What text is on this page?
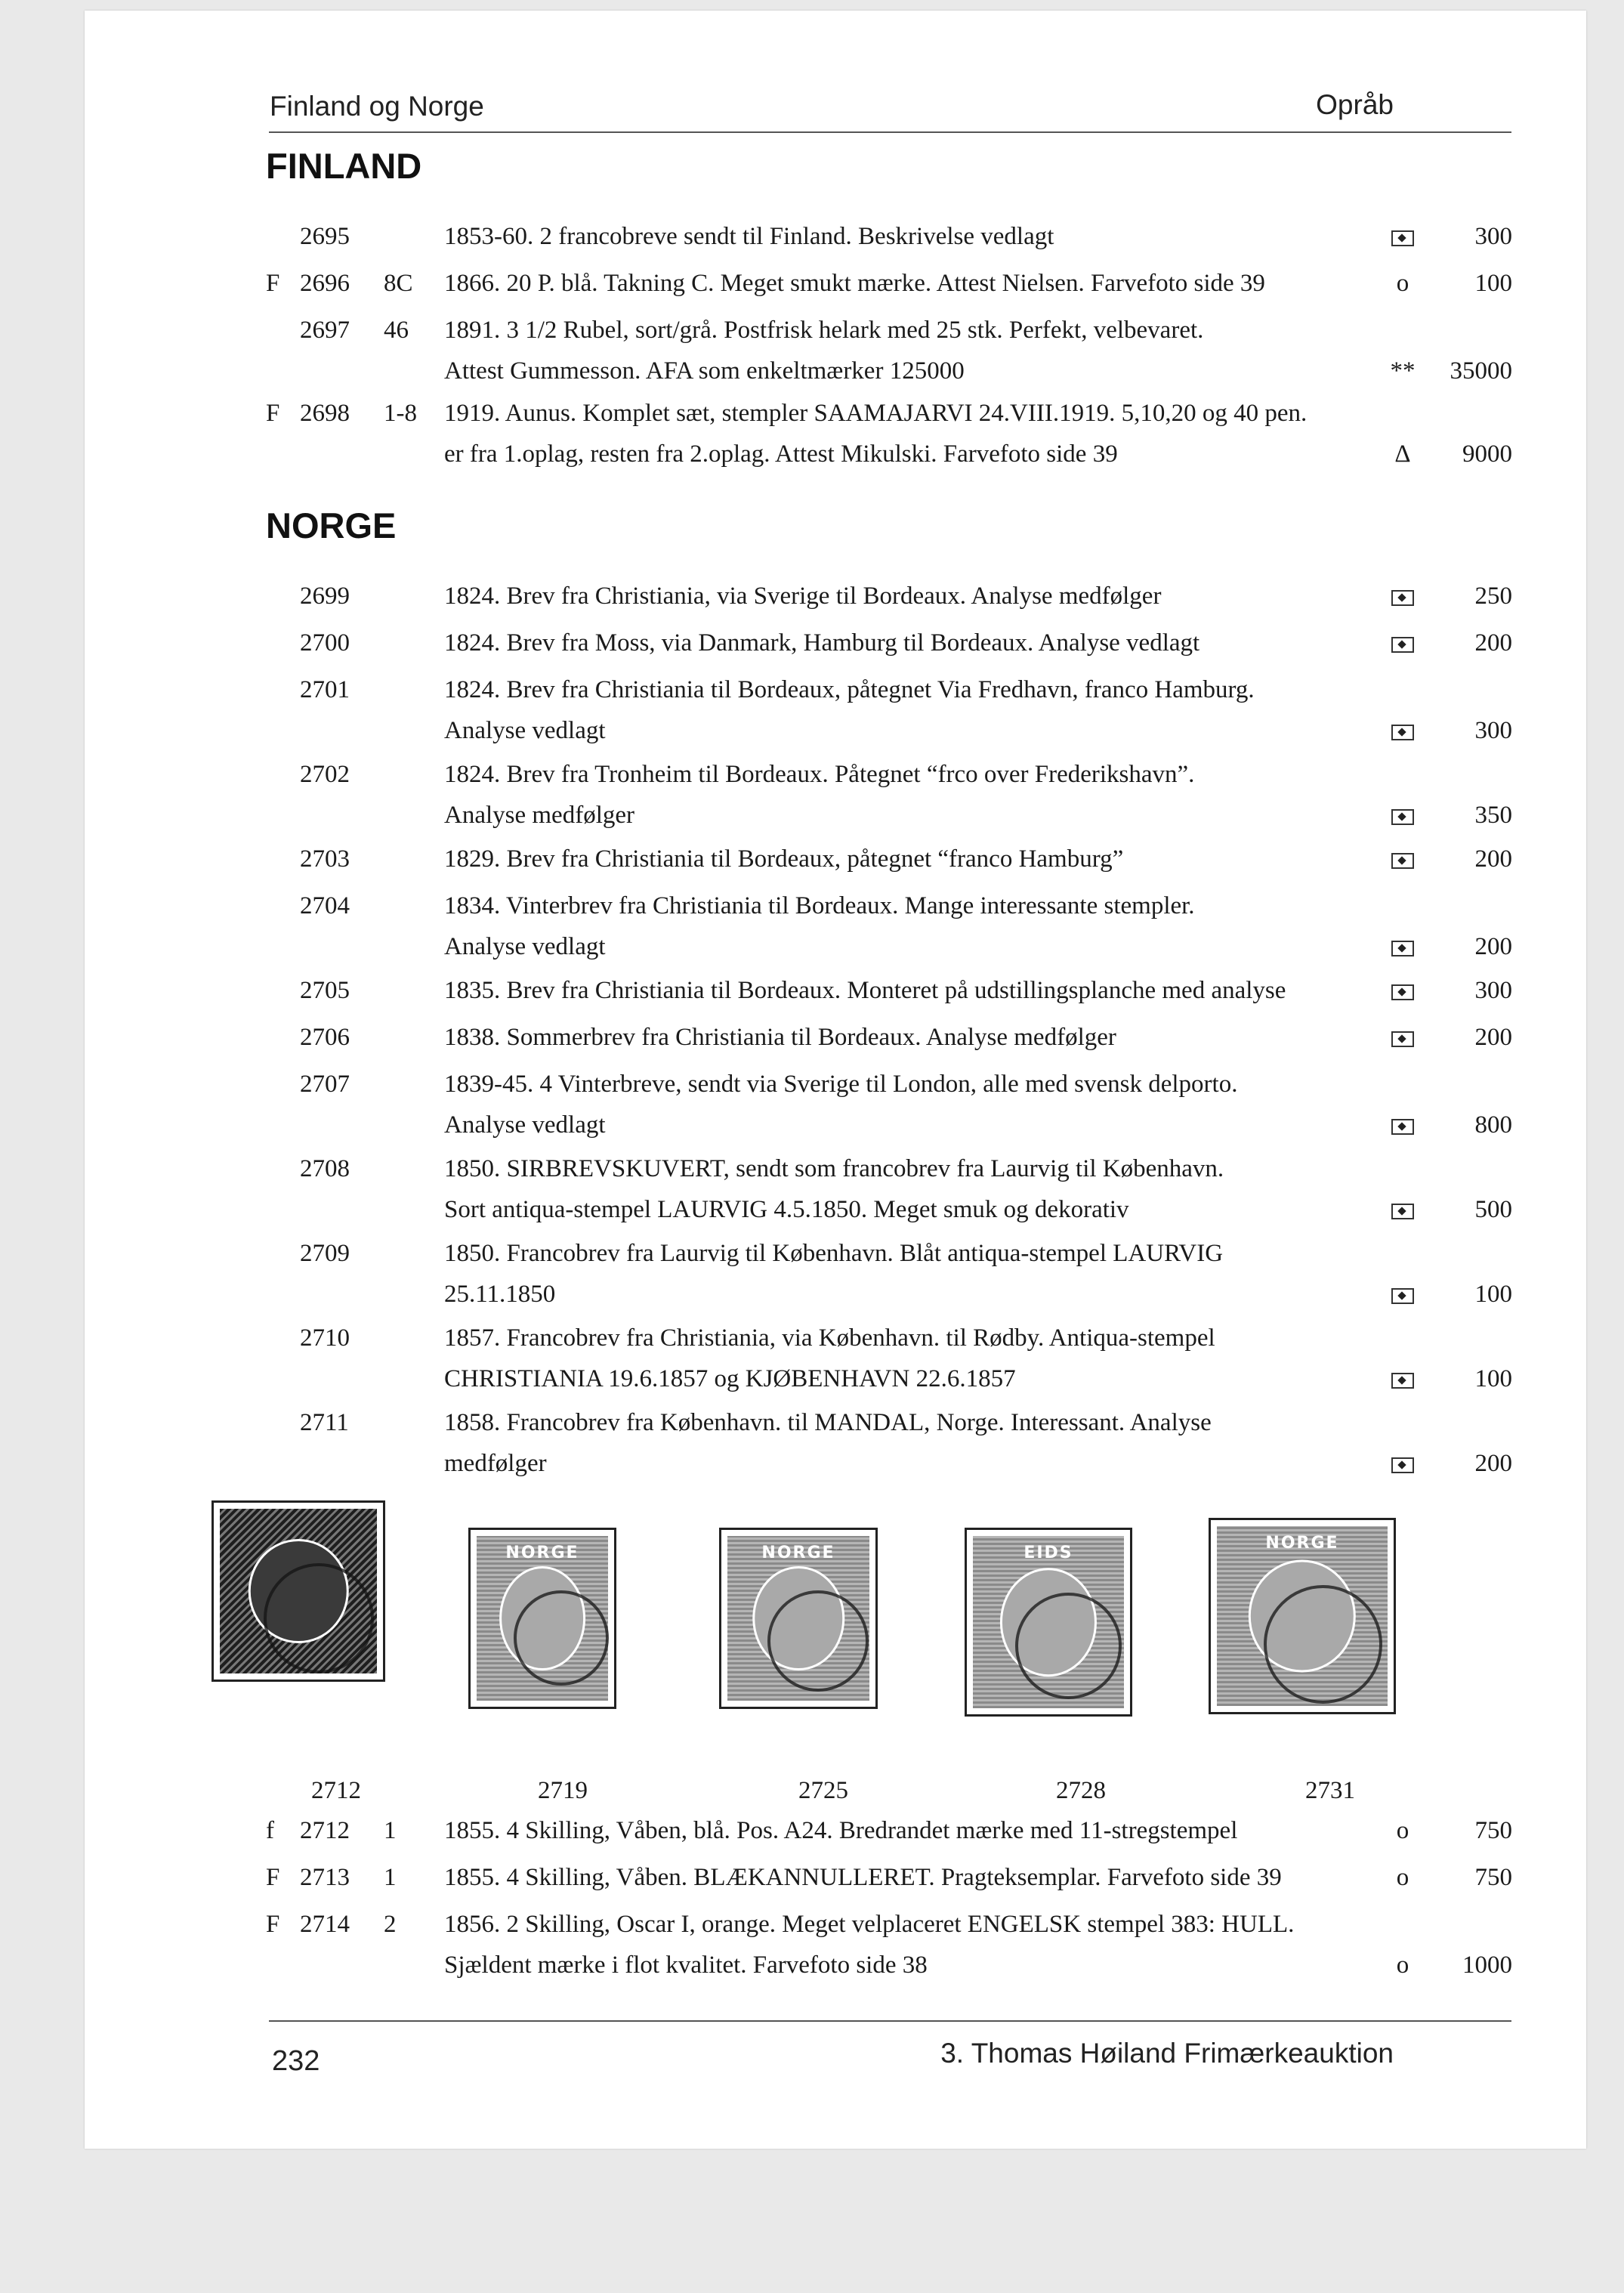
Finland og Norge	Opråb
FINLAND
2695	1853-60. 2 francobreve sendt til Finland. Beskrivelse vedlagt	300
F 2696 8C 1866. 20 P. blå. Takning C. Meget smukt mærke. Attest Nielsen. Farvefoto side 39	o	100
2697 46 1891. 3 1/2 Rubel, sort/grå. Postfrisk helark med 25 stk. Perfekt, velbevaret.
Attest Gummesson. AFA som enkeltmærker 125000	**	35000
F 2698 1-8 1919. Aunus. Komplet sæt, stempler SAAMAJARVI 24.VIII.1919. 5,10,20 og 40 pen.
er fra 1.oplag, resten fra 2.oplag. Attest Mikulski. Farvefoto side 39	Δ	9000
NORGE
2699	1824. Brev fra Christiania, via Sverige til Bordeaux. Analyse medfølger	250
2700	1824. Brev fra Moss, via Danmark, Hamburg til Bordeaux. Analyse vedlagt	200
2701	1824. Brev fra Christiania til Bordeaux, påtegnet Via Fredhavn, franco Hamburg.
Analyse vedlagt	300
2702	1824. Brev fra Tronheim til Bordeaux. Påtegnet “frco over Frederikshavn”.
Analyse medfølger	350
2703	1829. Brev fra Christiania til Bordeaux, påtegnet “franco Hamburg”	200
2704	1834. Vinterbrev fra Christiania til Bordeaux. Mange interessante stempler.
Analyse vedlagt	200
2705	1835. Brev fra Christiania til Bordeaux. Monteret på udstillingsplanche med analyse	300
2706	1838. Sommerbrev fra Christiania til Bordeaux. Analyse medfølger	200
2707	1839-45. 4 Vinterbreve, sendt via Sverige til London, alle med svensk delporto.
Analyse vedlagt	800
2708	1850. SIRBREVSKUVERT, sendt som francobrev fra Laurvig til København.
Sort antiqua-stempel LAURVIG 4.5.1850. Meget smuk og dekorativ	500
2709	1850. Francobrev fra Laurvig til København. Blåt antiqua-stempel LAURVIG
25.11.1850	100
2710	1857. Francobrev fra Christiania, via København. til Rødby. Antiqua-stempel
CHRISTIANIA 19.6.1857 og KJØBENHAVN 22.6.1857	100
2711	1858. Francobrev fra København. til MANDAL, Norge. Interessant. Analyse
medfølger	200
2712
NORGE
2719
NORGE
2725
EIDS
2728
NORGE
2731
f 2712 1 1855. 4 Skilling, Våben, blå. Pos. A24. Bredrandet mærke med 11-stregstempel	o	750
F 2713 1 1855. 4 Skilling, Våben. BLÆKANNULLERET. Pragteksemplar. Farvefoto side 39	o	750
F 2714 2 1856. 2 Skilling, Oscar I, orange. Meget velplaceret ENGELSK stempel 383: HULL.
Sjældent mærke i flot kvalitet. Farvefoto side 38	o	1000
232	3. Thomas Høiland Frimærkeauktion
